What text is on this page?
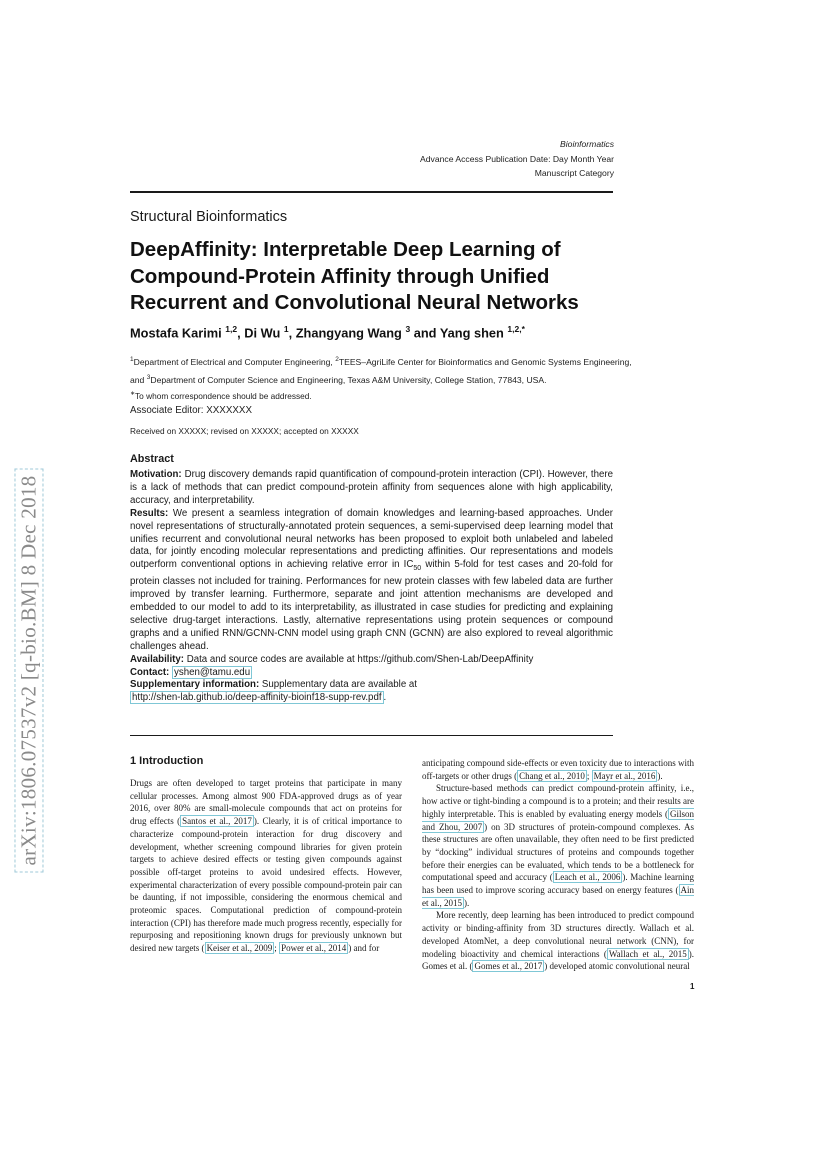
arXiv:1806.07537v2 [q-bio.BM] 8 Dec 2018
Bioinformatics
Advance Access Publication Date: Day Month Year
Manuscript Category
Structural Bioinformatics
DeepAffinity: Interpretable Deep Learning of Compound-Protein Affinity through Unified Recurrent and Convolutional Neural Networks
Mostafa Karimi $^{1,2}$, Di Wu $^1$, Zhangyang Wang $^3$ and Yang shen $^{1,2,*}$
$^1$Department of Electrical and Computer Engineering, $^2$TEES–AgriLife Center for Bioinformatics and Genomic Systems Engineering,
and $^3$Department of Computer Science and Engineering, Texas A&M University, College Station, 77843, USA.
∗To whom correspondence should be addressed.
Associate Editor: XXXXXXX
Received on XXXXX; revised on XXXXX; accepted on XXXXX
Abstract

Motivation: Drug discovery demands rapid quantification of compound-protein interaction (CPI). However, there is a lack of methods that can predict compound-protein affinity from sequences alone with high applicability, accuracy, and interpretability.

Results: We present a seamless integration of domain knowledges and learning-based approaches. Under novel representations of structurally-annotated protein sequences, a semi-supervised deep learning model that unifies recurrent and convolutional neural networks has been proposed to exploit both unlabeled and labeled data, for jointly encoding molecular representations and predicting affinities. Our representations and models outperform conventional options in achieving relative error in $IC_{50}$ within 5-fold for test cases and 20-fold for protein classes not included for training. Performances for new protein classes with few labeled data are further improved by transfer learning. Furthermore, separate and joint attention mechanisms are developed and embedded to our model to add to its interpretability, as illustrated in case studies for predicting and explaining selective drug-target interactions. Lastly, alternative representations using protein sequences or compound graphs and a unified RNN/GCNN-CNN model using graph CNN (GCNN) are also explored to reveal algorithmic challenges ahead.

Availability: Data and source codes are available at https://github.com/Shen-Lab/DeepAffinity

Contact: yshen@tamu.edu

Supplementary information: Supplementary data are available at
http://shen-lab.github.io/deep-affinity-bioinf18-supp-rev.pdf .

1 Introduction

Drugs are often developed to target proteins that participate in many cellular processes. Among almost 900 FDA-approved drugs as of year 2016, over 80% are small-molecule compounds that act on proteins for drug effects ( Santos et al., 2017 ). Clearly, it is of critical importance to characterize compound-protein interaction for drug discovery and development, whether screening compound libraries for given protein targets to achieve desired effects or testing given compounds against possible off-target proteins to avoid undesired effects. However, experimental characterization of every possible compound-protein pair can be daunting, if not impossible, considering the enormous chemical and proteomic spaces. Computational prediction of compound-protein interaction (CPI) has therefore made much progress recently, especially for repurposing and repositioning known drugs for previously unknown but desired new targets ( Keiser et al., 2009 ; Power et al., 2014 ) and for

anticipating compound side-effects or even toxicity due to interactions with off-targets or other drugs ( Chang et al., 2010 ; Mayr et al., 2016 ).

Structure-based methods can predict compound-protein affinity, i.e., how active or tight-binding a compound is to a protein; and their results are highly interpretable. This is enabled by evaluating energy models ( Gilson and Zhou, 2007 ) on 3D structures of protein-compound complexes. As these structures are often unavailable, they often need to be first predicted by “docking” individual structures of proteins and compounds together before their energies can be evaluated, which tends to be a bottleneck for computational speed and accuracy ( Leach et al., 2006 ). Machine learning has been used to improve scoring accuracy based on energy features ( Ain et al., 2015 ).

More recently, deep learning has been introduced to predict compound activity or binding-affinity from 3D structures directly. Wallach et al. developed AtomNet, a deep convolutional neural network (CNN), for modeling bioactivity and chemical interactions ( Wallach et al., 2015 ). Gomes et al. ( Gomes et al., 2017 ) developed atomic convolutional neural

1
